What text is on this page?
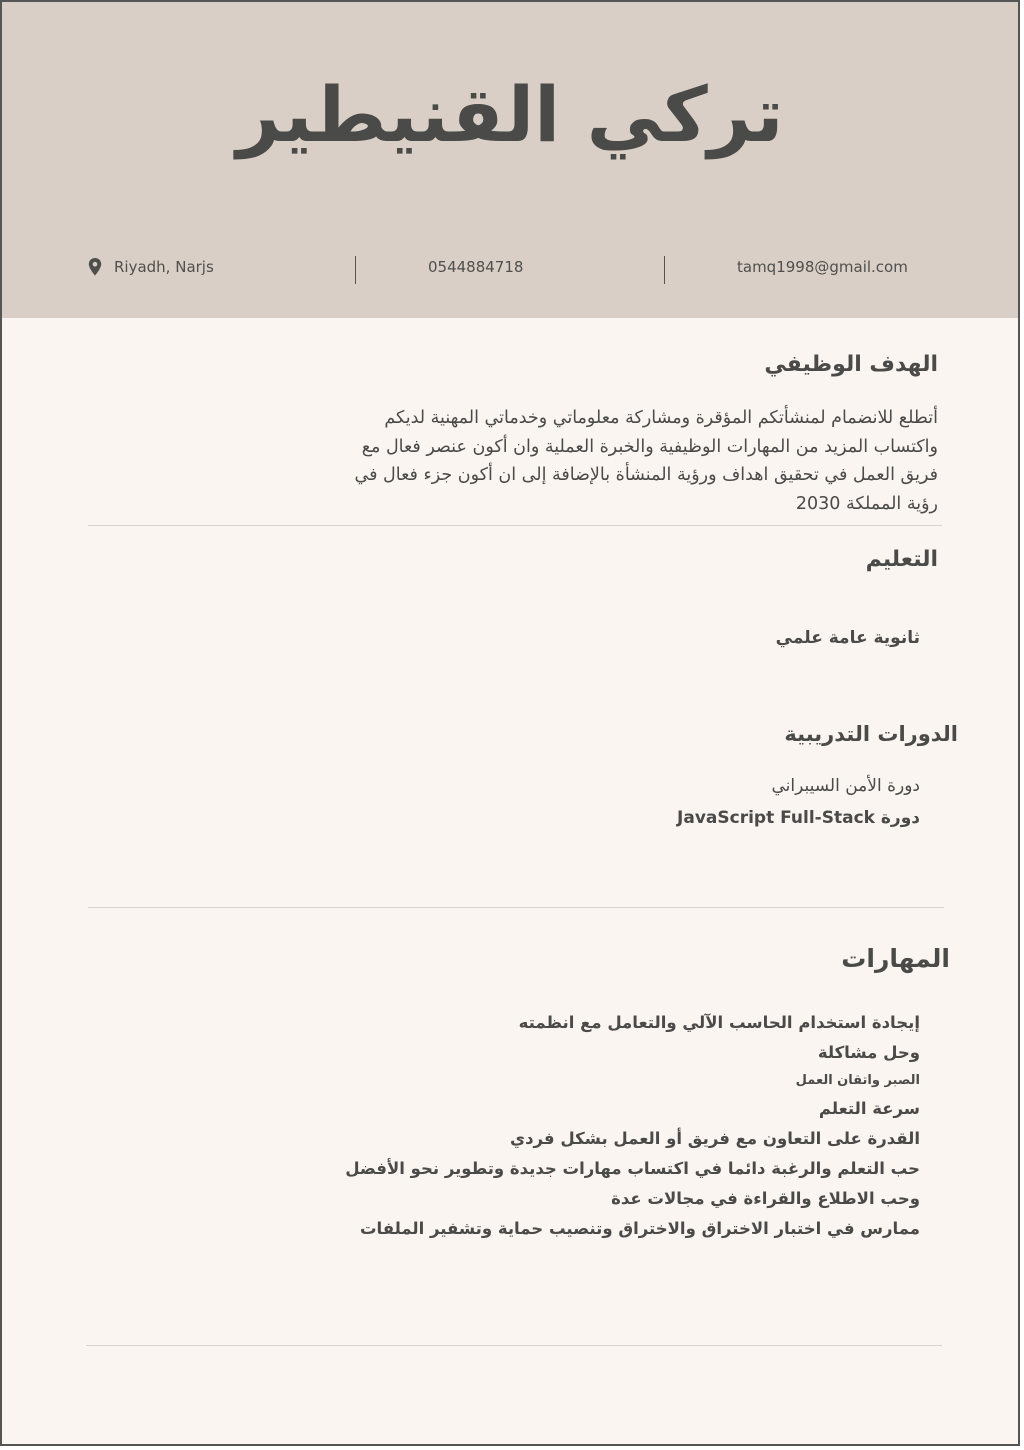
تركي القنيطير
Riyadh, Narjs	0544884718	tamq1998@gmail.com
الهدف الوظيفي
أتطلع للانضمام لمنشأتكم المؤقرة ومشاركة معلوماتي وخدماتي المهنية لديكم
واكتساب المزيد من المهارات الوظيفية والخبرة العملية وان أكون عنصر فعال مع
فريق العمل في تحقيق اهداف ورؤية المنشأة بالإضافة إلى ان أكون جزء فعال في
رؤية المملكة 2030
التعليم
ثانوية عامة علمي
الدورات التدريبية
دورة الأمن السيبراني
دورة JavaScript Full-Stack
المهارات
إيجادة استخدام الحاسب الآلي والتعامل مع انظمته
وحل مشاكلة
الصبر واتقان العمل
سرعة التعلم
القدرة على التعاون مع فريق أو العمل بشكل فردي
حب التعلم والرغبة دائما في اكتساب مهارات جديدة وتطوير نحو الأفضل
وحب الاطلاع والقراءة في مجالات عدة
ممارس في اختبار الاختراق والاختراق وتنصيب حماية وتشفير الملفات
